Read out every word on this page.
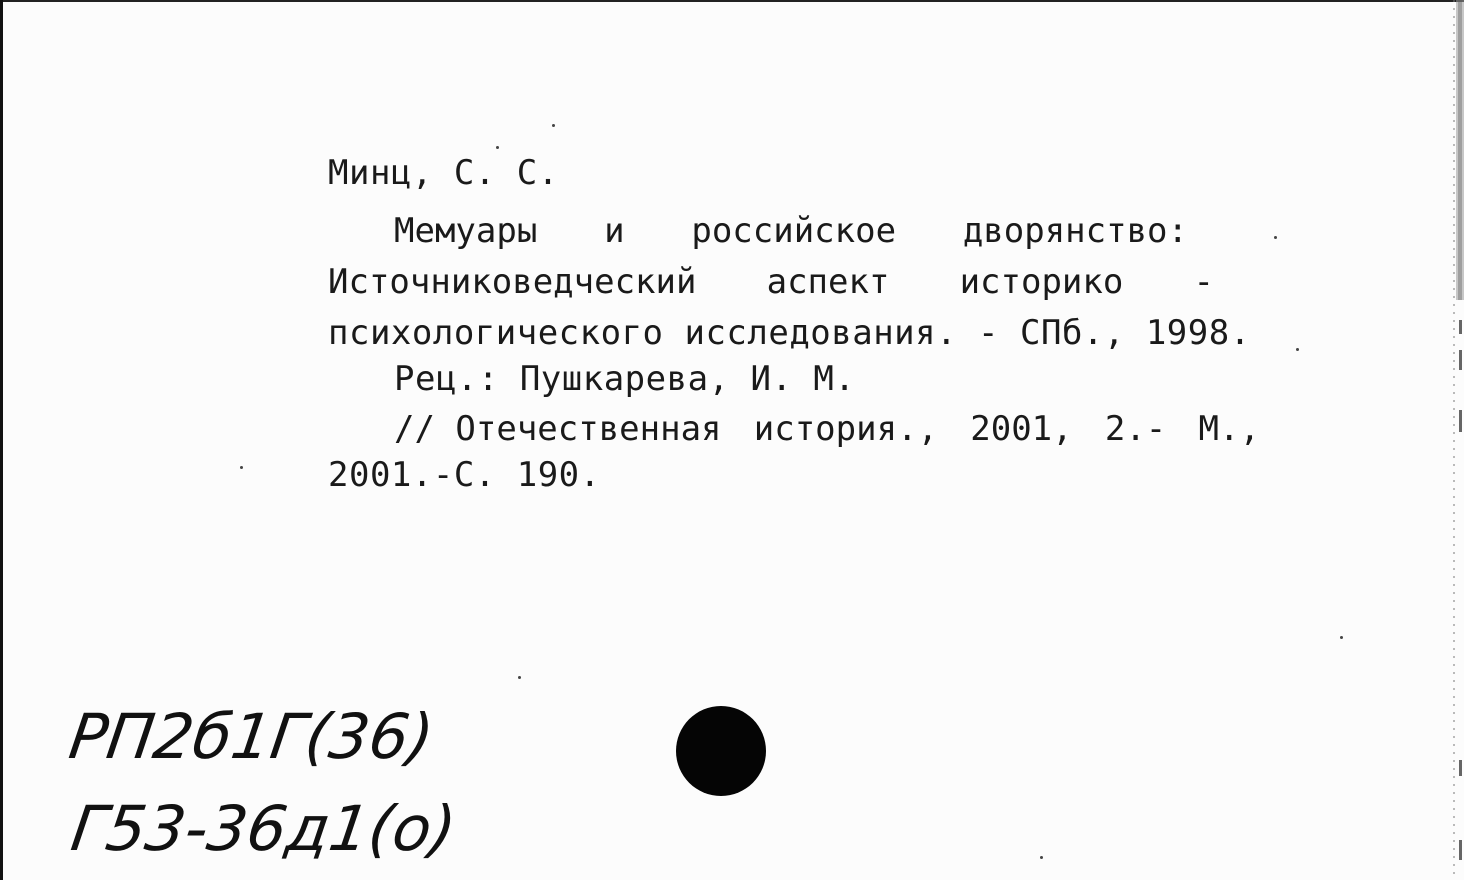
Минц, С. С.
Мемуары и российское дворянство:
Источниковедческий аспект историко -
психологического исследования. - СПб., 1998.
Рец.: Пушкарева, И. М.
// Отечественная история., 2001, 2.- М.,
2001.-С. 190.
РП2б1Г(36)
Г53-36д1(о)
